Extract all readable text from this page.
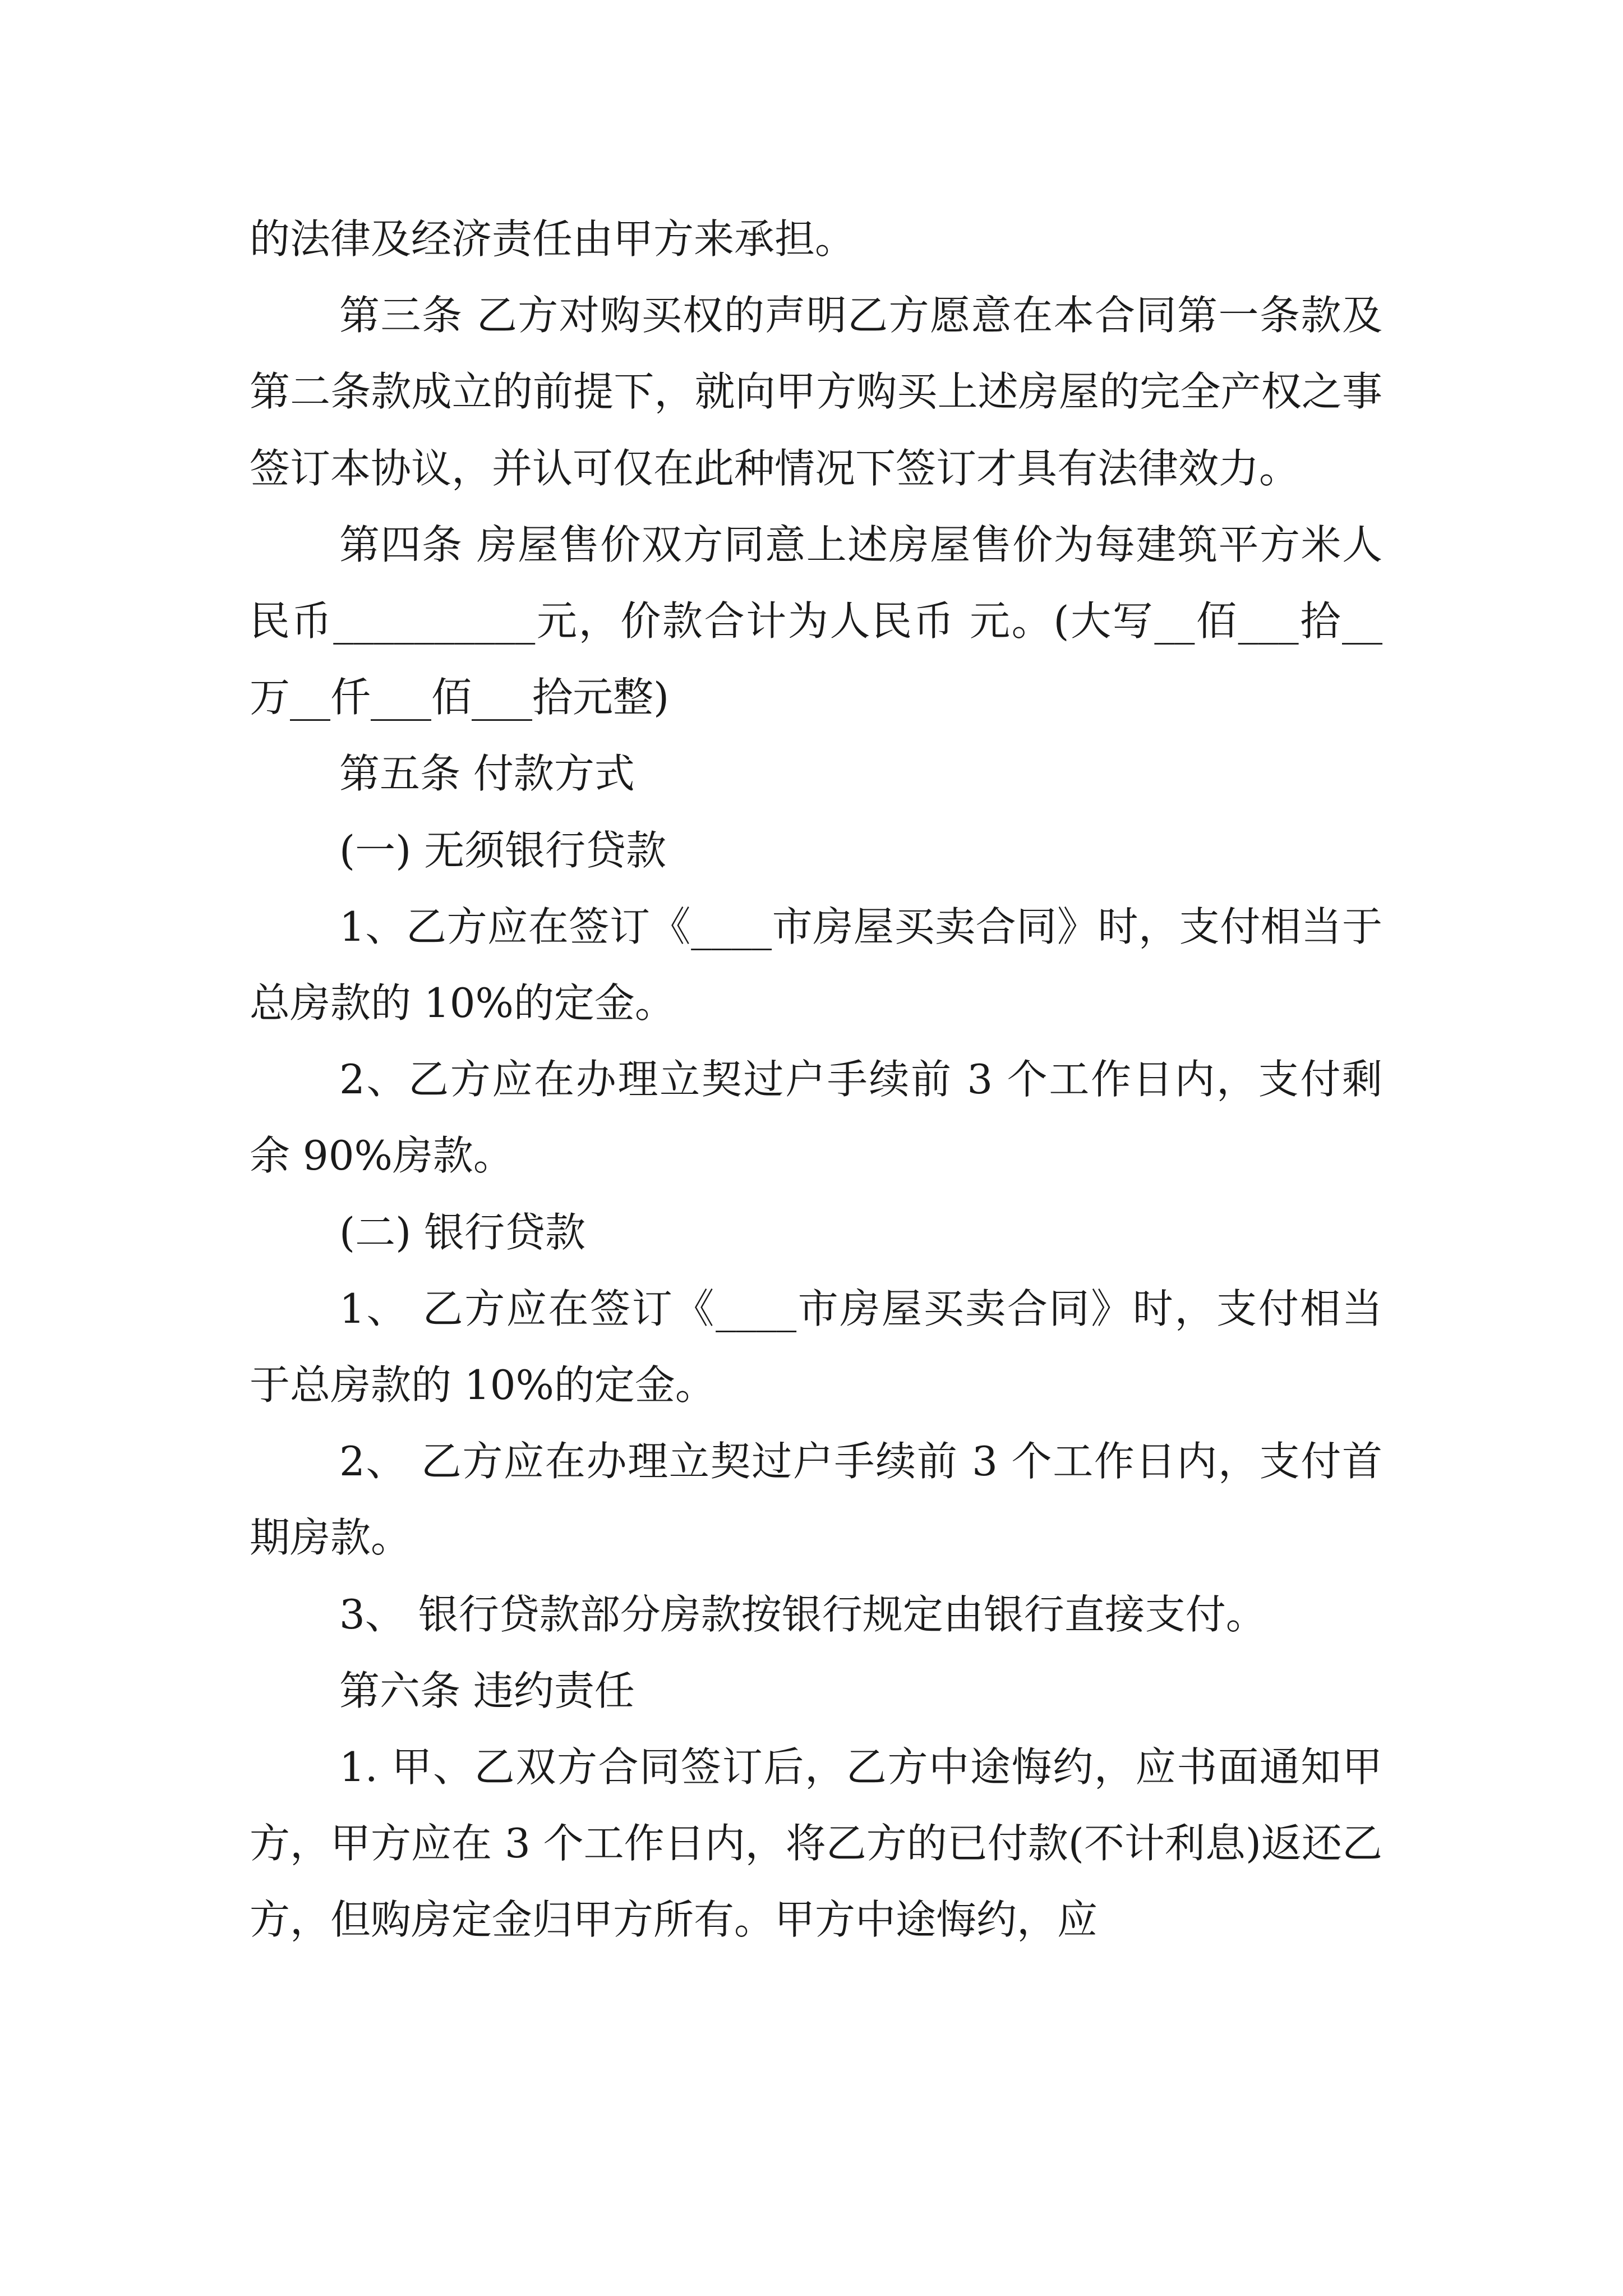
的法律及经济责任由甲方来承担。

第三条 乙方对购买权的声明乙方愿意在本合同第一条款及第二条款成立的前提下，就向甲方购买上述房屋的完全产权之事签订本协议，并认可仅在此种情况下签订才具有法律效力。

第四条 房屋售价双方同意上述房屋售价为每建筑平方米人民币__________元，价款合计为人民币 元。(大写__佰___拾__万__仟___佰___拾元整)

第五条 付款方式

(一) 无须银行贷款

1、乙方应在签订《____市房屋买卖合同》时，支付相当于总房款的 10%的定金。

2、乙方应在办理立契过户手续前 3 个工作日内，支付剩余 90%房款。

(二) 银行贷款

1、 乙方应在签订《____市房屋买卖合同》时，支付相当于总房款的 10%的定金。

2、 乙方应在办理立契过户手续前 3 个工作日内，支付首期房款。

3、 银行贷款部分房款按银行规定由银行直接支付。

第六条 违约责任

1. 甲、乙双方合同签订后，乙方中途悔约，应书面通知甲方，甲方应在 3 个工作日内，将乙方的已付款(不计利息)返还乙方，但购房定金归甲方所有。甲方中途悔约，应
